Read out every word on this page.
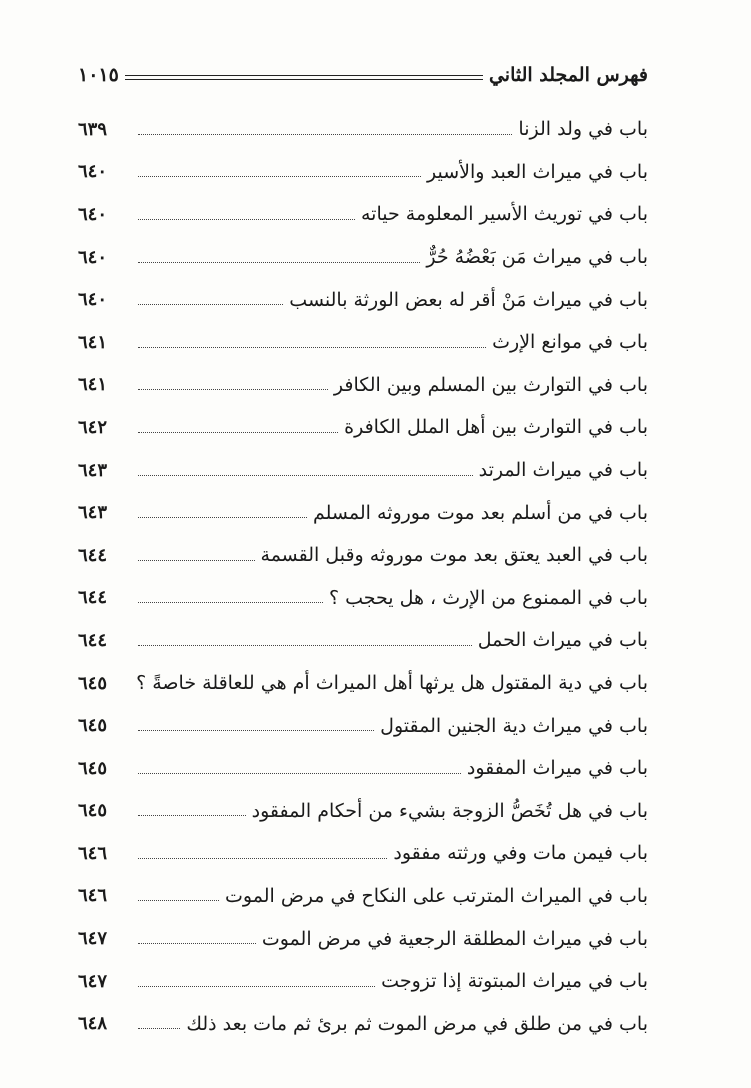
فهرس المجلد الثاني
١٠١٥
باب في ولد الزنا
٦٣٩
باب في ميراث العبد والأسير
٦٤٠
باب في توريث الأسير المعلومة حياته
٦٤٠
باب في ميراث مَن بَعْضُهُ حُرٌّ
٦٤٠
باب في ميراث مَنْ أقر له بعض الورثة بالنسب
٦٤٠
باب في موانع الإرث
٦٤١
باب في التوارث بين المسلم وبين الكافر
٦٤١
باب في التوارث بين أهل الملل الكافرة
٦٤٢
باب في ميراث المرتد
٦٤٣
باب في من أسلم بعد موت موروثه المسلم
٦٤٣
باب في العبد يعتق بعد موت موروثه وقبل القسمة
٦٤٤
باب في الممنوع من الإرث ، هل يحجب ؟
٦٤٤
باب في ميراث الحمل
٦٤٤
باب في دية المقتول هل يرثها أهل الميراث أم هي للعاقلة خاصةً ؟
٦٤٥
باب في ميراث دية الجنين المقتول
٦٤٥
باب في ميراث المفقود
٦٤٥
باب في هل تُخَصُّ الزوجة بشيء من أحكام المفقود
٦٤٥
باب فيمن مات وفي ورثته مفقود
٦٤٦
باب في الميراث المترتب على النكاح في مرض الموت
٦٤٦
باب في ميراث المطلقة الرجعية في مرض الموت
٦٤٧
باب في ميراث المبتوتة إذا تزوجت
٦٤٧
باب في من طلق في مرض الموت ثم برئ ثم مات بعد ذلك
٦٤٨
